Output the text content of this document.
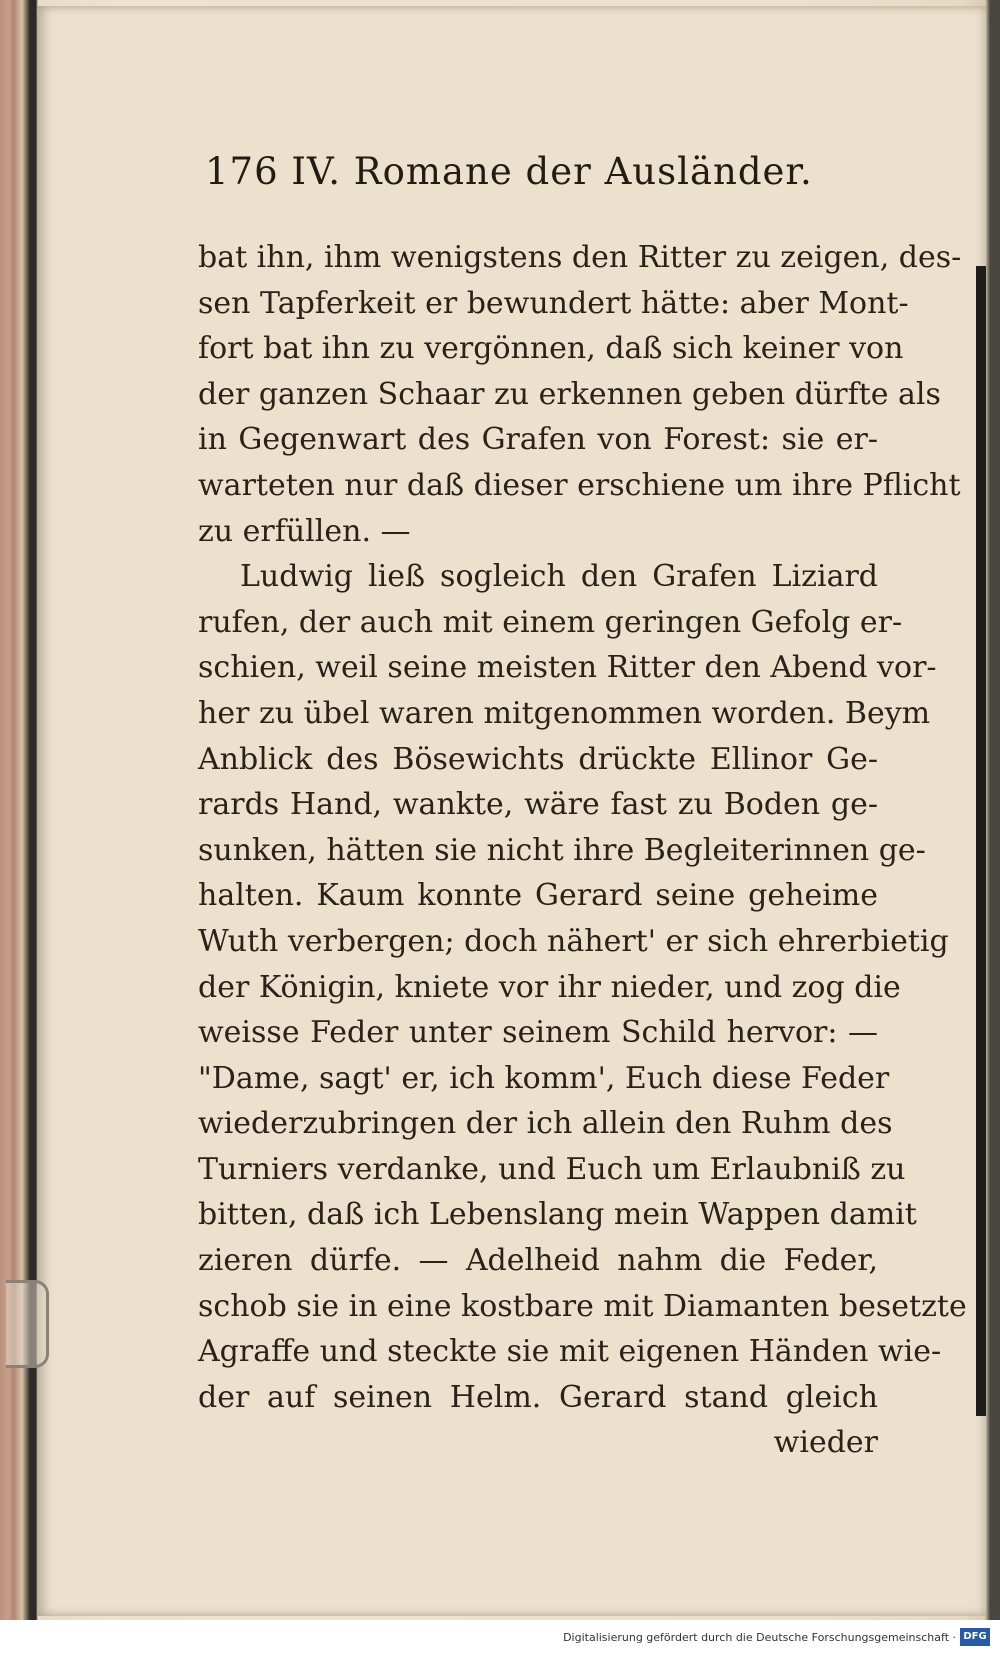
176 IV. Romane der Ausländer.
bat ihn, ihm wenigstens den Ritter zu zeigen, des-
sen Tapferkeit er bewundert hätte: aber Mont-
fort bat ihn zu vergönnen, daß sich keiner von
der ganzen Schaar zu erkennen geben dürfte als
in Gegenwart des Grafen von Forest: sie er-
warteten nur daß dieser erschiene um ihre Pflicht
zu erfüllen. —
Ludwig ließ sogleich den Grafen Liziard
rufen, der auch mit einem geringen Gefolg er-
schien, weil seine meisten Ritter den Abend vor-
her zu übel waren mitgenommen worden. Beym
Anblick des Bösewichts drückte Ellinor Ge-
rards Hand, wankte, wäre fast zu Boden ge-
sunken, hätten sie nicht ihre Begleiterinnen ge-
halten. Kaum konnte Gerard seine geheime
Wuth verbergen; doch nähert' er sich ehrerbietig
der Königin, kniete vor ihr nieder, und zog die
weisse Feder unter seinem Schild hervor: —
"Dame, sagt' er, ich komm', Euch diese Feder
wiederzubringen der ich allein den Ruhm des
Turniers verdanke, und Euch um Erlaubniß zu
bitten, daß ich Lebenslang mein Wappen damit
zieren dürfe. — Adelheid nahm die Feder,
schob sie in eine kostbare mit Diamanten besetzte
Agraffe und steckte sie mit eigenen Händen wie-
der auf seinen Helm. Gerard stand gleich
wieder
Digitalisierung gefördert durch die Deutsche Forschungsgemeinschaft · DFG
